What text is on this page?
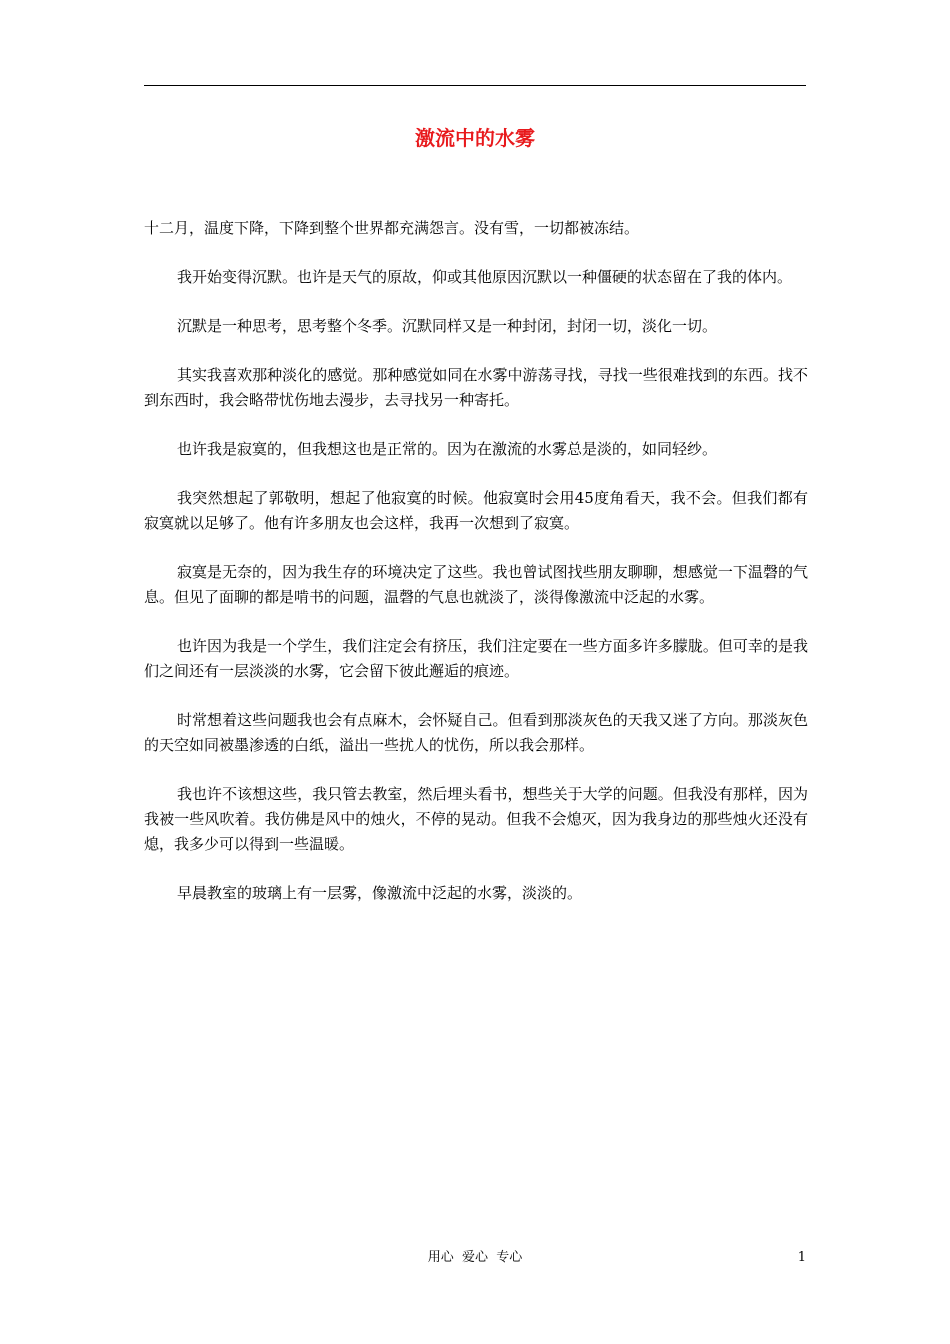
激流中的水雾

十二月，温度下降，下降到整个世界都充满怨言。没有雪，一切都被冻结。

我开始变得沉默。也许是天气的原故，仰或其他原因沉默以一种僵硬的状态留在了我的体内。

沉默是一种思考，思考整个冬季。沉默同样又是一种封闭，封闭一切，淡化一切。

其实我喜欢那种淡化的感觉。那种感觉如同在水雾中游荡寻找，寻找一些很难找到的东西。找不到东西时，我会略带忧伤地去漫步，去寻找另一种寄托。

也许我是寂寞的，但我想这也是正常的。因为在激流的水雾总是淡的，如同轻纱。

我突然想起了郭敬明，想起了他寂寞的时候。他寂寞时会用45度角看天，我不会。但我们都有寂寞就以足够了。他有许多朋友也会这样，我再一次想到了寂寞。

寂寞是无奈的，因为我生存的环境决定了这些。我也曾试图找些朋友聊聊，想感觉一下温磬的气息。但见了面聊的都是啃书的问题，温磬的气息也就淡了，淡得像激流中泛起的水雾。

也许因为我是一个学生，我们注定会有挤压，我们注定要在一些方面多许多朦胧。但可幸的是我们之间还有一层淡淡的水雾，它会留下彼此邂逅的痕迹。

时常想着这些问题我也会有点麻木，会怀疑自己。但看到那淡灰色的天我又迷了方向。那淡灰色的天空如同被墨渗透的白纸，溢出一些扰人的忧伤，所以我会那样。

我也许不该想这些，我只管去教室，然后埋头看书，想些关于大学的问题。但我没有那样，因为我被一些风吹着。我仿佛是风中的烛火，不停的晃动。但我不会熄灭，因为我身边的那些烛火还没有熄，我多少可以得到一些温暖。

早晨教室的玻璃上有一层雾，像激流中泛起的水雾，淡淡的。

用心  爱心  专心	1
